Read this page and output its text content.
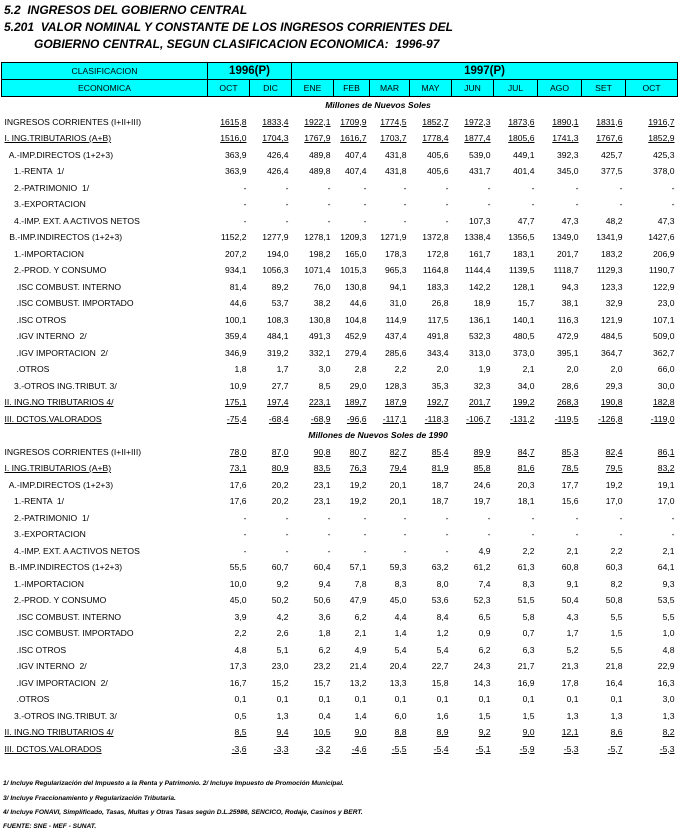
5.2  INGRESOS DEL GOBIERNO CENTRAL
5.201  VALOR NOMINAL Y CONSTANTE DE LOS INGRESOS CORRIENTES DEL
GOBIERNO CENTRAL, SEGUN CLASIFICACION ECONOMICA:  1996-97
CLASIFICACION	1996(P)		1997(P)								
ECONOMICA	OCT	DIC	ENE	FEB	MAR	MAY	JUN	JUL	AGO	SET	OCT
Millones de Nuevos Soles											
INGRESOS CORRIENTES (I+II+III)	1615,8	1833,4	1922,1	1709,9	1774,5	1852,7	1972,3	1873,6	1890,1	1831,6	1916,7
I. ING.TRIBUTARIOS (A+B)	1516,0	1704,3	1767,9	1616,7	1703,7	1778,4	1877,4	1805,6	1741,3	1767,6	1852,9
A.-IMP.DIRECTOS (1+2+3)	363,9	426,4	489,8	407,4	431,8	405,6	539,0	449,1	392,3	425,7	425,3
1.-RENTA  1/	363,9	426,4	489,8	407,4	431,8	405,6	431,7	401,4	345,0	377,5	378,0
2.-PATRIMONIO  1/	-	-	-	-	-	-	-	-	-	-	-
3.-EXPORTACION	-	-	-	-	-	-	-	-	-	-	-
4.-IMP. EXT. A ACTIVOS NETOS	-	-	-	-	-	-	107,3	47,7	47,3	48,2	47,3
B.-IMP.INDIRECTOS (1+2+3)	1152,2	1277,9	1278,1	1209,3	1271,9	1372,8	1338,4	1356,5	1349,0	1341,9	1427,6
1.-IMPORTACION	207,2	194,0	198,2	165,0	178,3	172,8	161,7	183,1	201,7	183,2	206,9
2.-PROD. Y CONSUMO	934,1	1056,3	1071,4	1015,3	965,3	1164,8	1144,4	1139,5	1118,7	1129,3	1190,7
.ISC COMBUST. INTERNO	81,4	89,2	76,0	130,8	94,1	183,3	142,2	128,1	94,3	123,3	122,9
.ISC COMBUST. IMPORTADO	44,6	53,7	38,2	44,6	31,0	26,8	18,9	15,7	38,1	32,9	23,0
.ISC OTROS	100,1	108,3	130,8	104,8	114,9	117,5	136,1	140,1	116,3	121,9	107,1
.IGV INTERNO  2/	359,4	484,1	491,3	452,9	437,4	491,8	532,3	480,5	472,9	484,5	509,0
.IGV IMPORTACION  2/	346,9	319,2	332,1	279,4	285,6	343,4	313,0	373,0	395,1	364,7	362,7
.OTROS	1,8	1,7	3,0	2,8	2,2	2,0	1,9	2,1	2,0	2,0	66,0
3.-OTROS ING.TRIBUT. 3/	10,9	27,7	8,5	29,0	128,3	35,3	32,3	34,0	28,6	29,3	30,0
II. ING.NO TRIBUTARIOS 4/	175,1	197,4	223,1	189,7	187,9	192,7	201,7	199,2	268,3	190,8	182,8
III. DCTOS.VALORADOS	-75,4	-68,4	-68,9	-96,6	-117,1	-118,3	-106,7	-131,2	-119,5	-126,8	-119,0
Millones de Nuevos Soles de 1990											
INGRESOS CORRIENTES (I+II+III)	78,0	87,0	90,8	80,7	82,7	85,4	89,9	84,7	85,3	82,4	86,1
I. ING.TRIBUTARIOS (A+B)	73,1	80,9	83,5	76,3	79,4	81,9	85,8	81,6	78,5	79,5	83,2
A.-IMP.DIRECTOS (1+2+3)	17,6	20,2	23,1	19,2	20,1	18,7	24,6	20,3	17,7	19,2	19,1
1.-RENTA  1/	17,6	20,2	23,1	19,2	20,1	18,7	19,7	18,1	15,6	17,0	17,0
2.-PATRIMONIO  1/	-	-	-	-	-	-	-	-	-	-	-
3.-EXPORTACION	-	-	-	-	-	-	-	-	-	-	-
4.-IMP. EXT. A ACTIVOS NETOS	-	-	-	-	-	-	4,9	2,2	2,1	2,2	2,1
B.-IMP.INDIRECTOS (1+2+3)	55,5	60,7	60,4	57,1	59,3	63,2	61,2	61,3	60,8	60,3	64,1
1.-IMPORTACION	10,0	9,2	9,4	7,8	8,3	8,0	7,4	8,3	9,1	8,2	9,3
2.-PROD. Y CONSUMO	45,0	50,2	50,6	47,9	45,0	53,6	52,3	51,5	50,4	50,8	53,5
.ISC COMBUST. INTERNO	3,9	4,2	3,6	6,2	4,4	8,4	6,5	5,8	4,3	5,5	5,5
.ISC COMBUST. IMPORTADO	2,2	2,6	1,8	2,1	1,4	1,2	0,9	0,7	1,7	1,5	1,0
.ISC OTROS	4,8	5,1	6,2	4,9	5,4	5,4	6,2	6,3	5,2	5,5	4,8
.IGV INTERNO  2/	17,3	23,0	23,2	21,4	20,4	22,7	24,3	21,7	21,3	21,8	22,9
.IGV IMPORTACION  2/	16,7	15,2	15,7	13,2	13,3	15,8	14,3	16,9	17,8	16,4	16,3
.OTROS	0,1	0,1	0,1	0,1	0,1	0,1	0,1	0,1	0,1	0,1	3,0
3.-OTROS ING.TRIBUT. 3/	0,5	1,3	0,4	1,4	6,0	1,6	1,5	1,5	1,3	1,3	1,3
II. ING.NO TRIBUTARIOS 4/	8,5	9,4	10,5	9,0	8,8	8,9	9,2	9,0	12,1	8,6	8,2
III. DCTOS.VALORADOS	-3,6	-3,3	-3,2	-4,6	-5,5	-5,4	-5,1	-5,9	-5,3	-5,7	-5,3
1/ Incluye Regularización del Impuesto a la Renta y Patrimonio. 2/ Incluye Impuesto de Promoción Municipal.
3/ Incluye Fraccionamiento y Regularización Tributaria.
4/ Incluye FONAVI, Simplificado, Tasas, Multas y Otras Tasas según D.L.25986, SENCICO, Rodaje, Casinos y BERT.
FUENTE: SNE - MEF - SUNAT.
